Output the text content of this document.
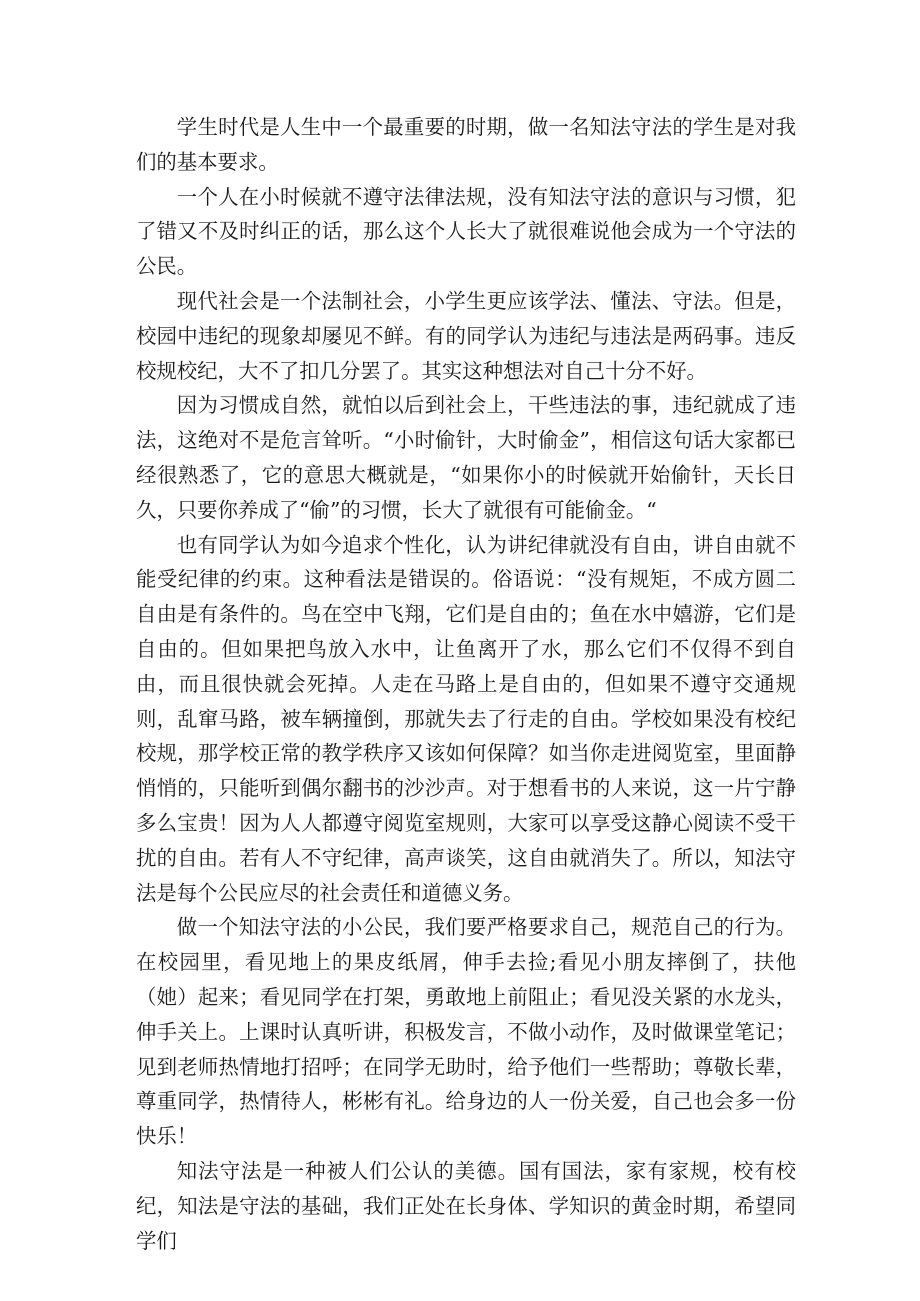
学生时代是人生中一个最重要的时期，做一名知法守法的学生是对我们的基本要求。

一个人在小时候就不遵守法律法规，没有知法守法的意识与习惯，犯了错又不及时纠正的话，那么这个人长大了就很难说他会成为一个守法的公民。

现代社会是一个法制社会，小学生更应该学法、懂法、守法。但是，校园中违纪的现象却屡见不鲜。有的同学认为违纪与违法是两码事。违反校规校纪，大不了扣几分罢了。其实这种想法对自己十分不好。

因为习惯成自然，就怕以后到社会上，干些违法的事，违纪就成了违法，这绝对不是危言耸听。“小时偷针，大时偷金”，相信这句话大家都已经很熟悉了，它的意思大概就是，“如果你小的时候就开始偷针，天长日久，只要你养成了“偷”的习惯，长大了就很有可能偷金。“

也有同学认为如今追求个性化，认为讲纪律就没有自由，讲自由就不能受纪律的约束。这种看法是错误的。俗语说：“没有规矩，不成方圆二自由是有条件的。鸟在空中飞翔，它们是自由的；鱼在水中嬉游，它们是自由的。但如果把鸟放入水中，让鱼离开了水，那么它们不仅得不到自由，而且很快就会死掉。人走在马路上是自由的，但如果不遵守交通规则，乱窜马路，被车辆撞倒，那就失去了行走的自由。学校如果没有校纪校规，那学校正常的教学秩序又该如何保障？如当你走进阅览室，里面静悄悄的，只能听到偶尔翻书的沙沙声。对于想看书的人来说，这一片宁静多么宝贵！因为人人都遵守阅览室规则，大家可以享受这静心阅读不受干扰的自由。若有人不守纪律，高声谈笑，这自由就消失了。所以，知法守法是每个公民应尽的社会责任和道德义务。

做一个知法守法的小公民，我们要严格要求自己，规范自己的行为。在校园里，看见地上的果皮纸屑，伸手去捡;看见小朋友摔倒了，扶他（她）起来；看见同学在打架，勇敢地上前阻止；看见没关紧的水龙头，伸手关上。上课时认真听讲，积极发言，不做小动作，及时做课堂笔记；见到老师热情地打招呼；在同学无助时，给予他们一些帮助；尊敬长辈，尊重同学，热情待人，彬彬有礼。给身边的人一份关爱，自己也会多一份快乐！

知法守法是一种被人们公认的美德。国有国法，家有家规，校有校纪，知法是守法的基础，我们正处在长身体、学知识的黄金时期，希望同学们
